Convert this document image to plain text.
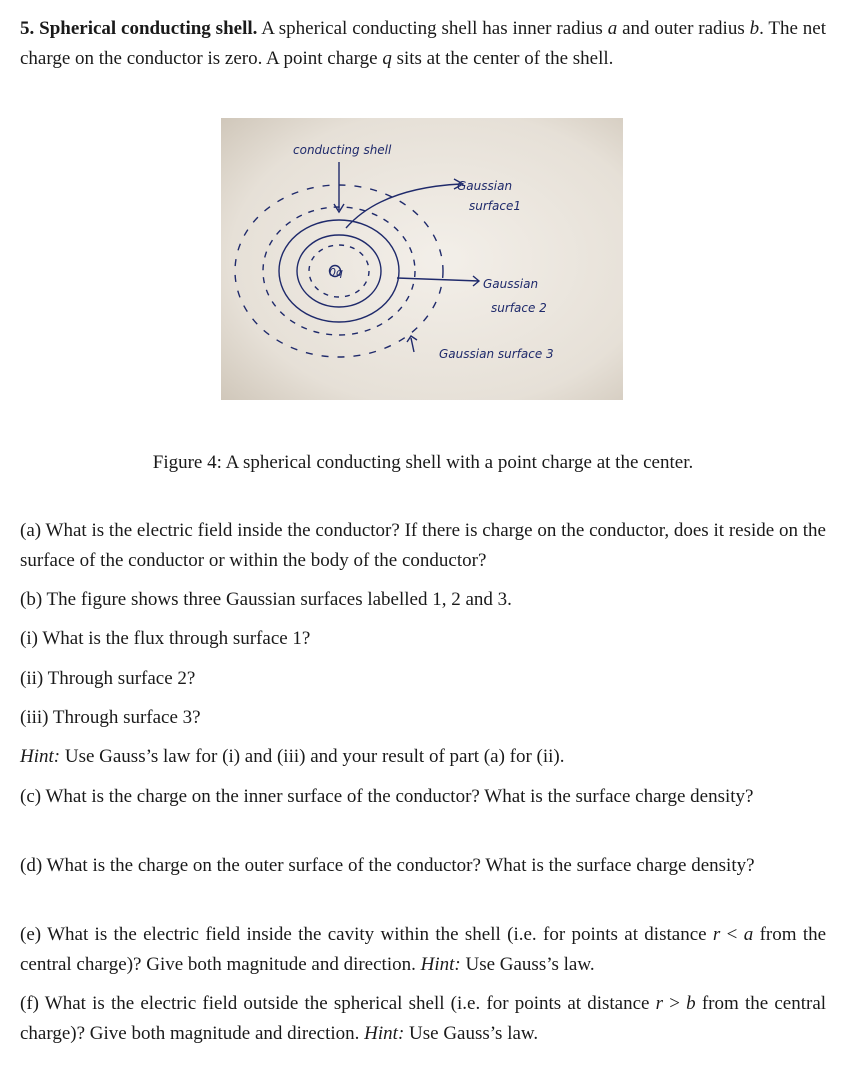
5. Spherical conducting shell. A spherical conducting shell has inner radius a and outer radius b. The net charge on the conductor is zero. A point charge q sits at the center of the shell.

conducting shell
Gaussian
surface1
Gaussian
surface 2
Gaussian surface 3
0q
Figure 4: A spherical conducting shell with a point charge at the center.

(a) What is the electric field inside the conductor? If there is charge on the conductor, does it reside on the surface of the conductor or within the body of the conductor?

(b) The figure shows three Gaussian surfaces labelled 1, 2 and 3.

(i) What is the flux through surface 1?

(ii) Through surface 2?

(iii) Through surface 3?

Hint: Use Gauss’s law for (i) and (iii) and your result of part (a) for (ii).

(c) What is the charge on the inner surface of the conductor? What is the surface charge density?

(d) What is the charge on the outer surface of the conductor? What is the surface charge density?

(e) What is the electric field inside the cavity within the shell (i.e. for points at distance r < a from the central charge)? Give both magnitude and direction. Hint: Use Gauss’s law.

(f) What is the electric field outside the spherical shell (i.e. for points at distance r > b from the central charge)? Give both magnitude and direction. Hint: Use Gauss’s law.
